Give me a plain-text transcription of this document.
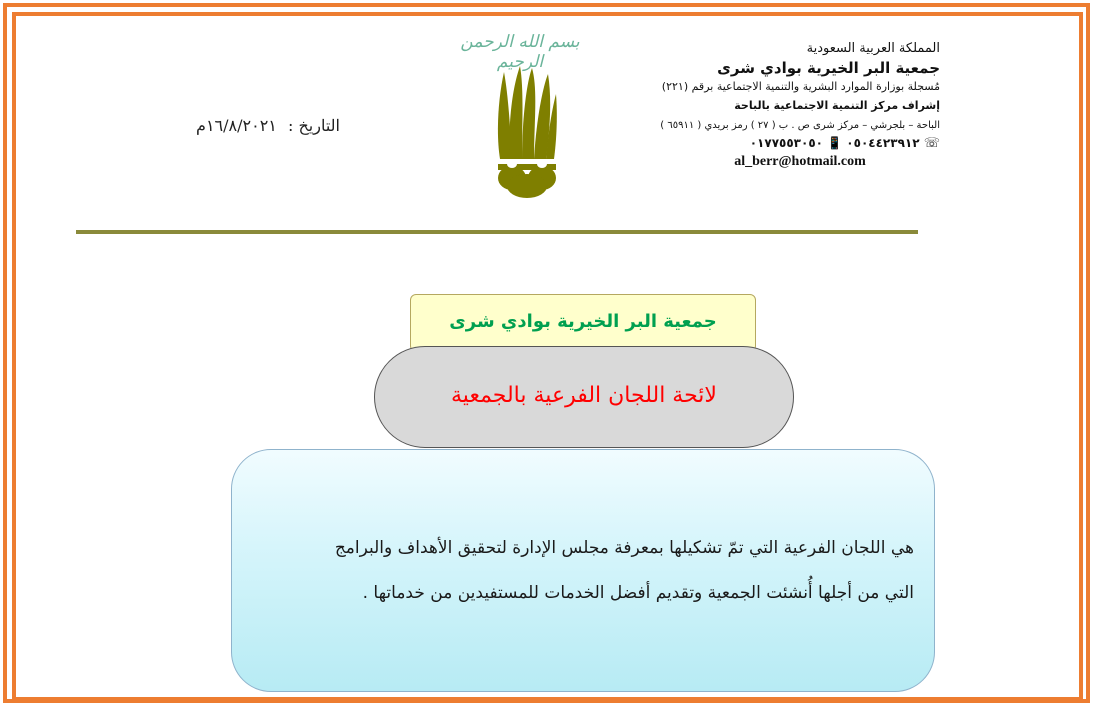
المملكة العربية السعودية
جمعية البر الخيرية بوادي شرى
مُسجلة بوزارة الموارد البشرية والتنمية الاجتماعية برقم (٢٢١)
إشراف مركز التنمية الاجتماعية بالباحة
الباحة – بلجرشي – مركز شرى ص . ب ( ٢٧ ) رمز بريدي ( ٦٥٩١١ )
٠٥٠٤٤٢٣٩١٢ 📱 ٠١٧٧٥٥٣٠٥٠	☏
al_berr@hotmail.com
بسم الله الرحمن الرحيم
التاريخ : ١٦/٨/٢٠٢١م
جمعية البر الخيرية بوادي شرى
لائحة اللجان الفرعية بالجمعية
هي اللجان الفرعية التي تمّ تشكيلها بمعرفة مجلس الإدارة لتحقيق الأهداف والبرامج
التي من أجلها أُنشئت الجمعية وتقديم أفضل الخدمات للمستفيدين من خدماتها .
